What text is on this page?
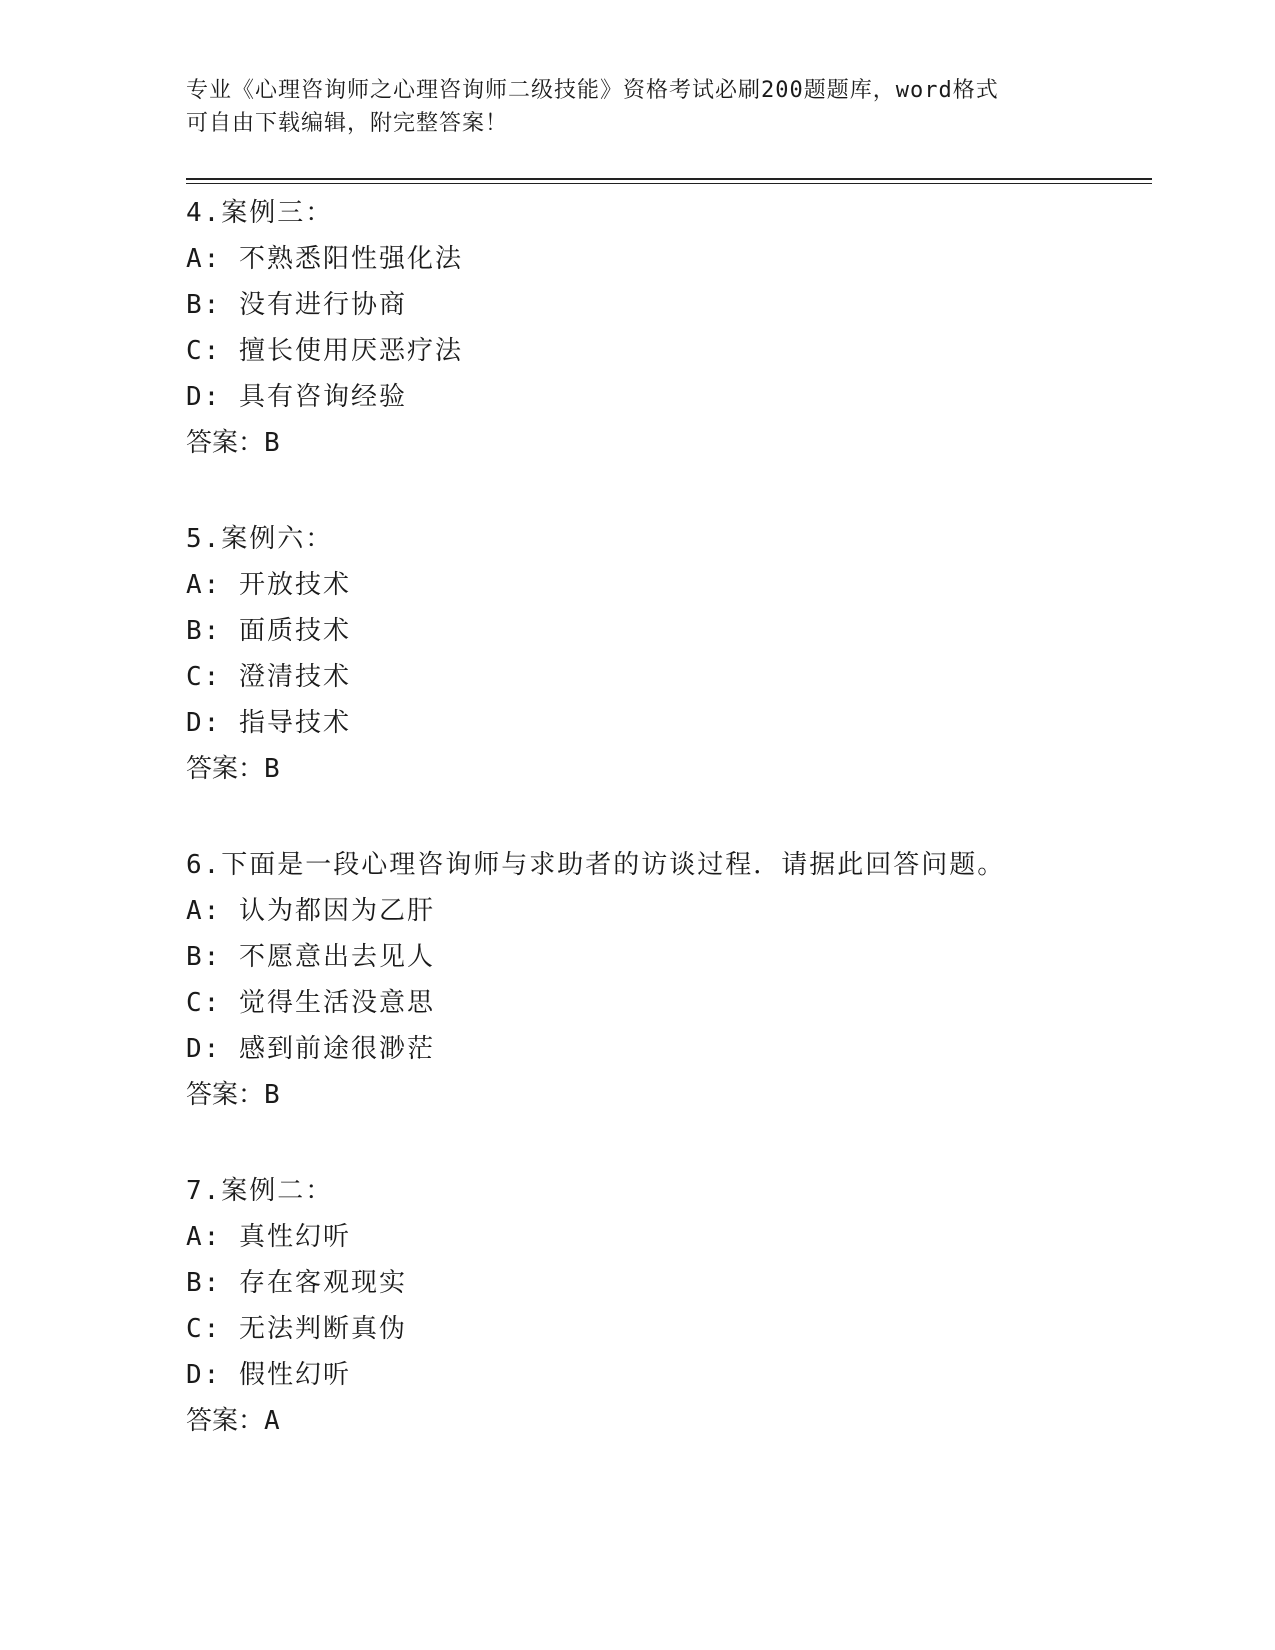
专业《心理咨询师之心理咨询师二级技能》资格考试必刷200题题库，word格式
可自由下载编辑，附完整答案！
4.案例三：
A: 不熟悉阳性强化法
B: 没有进行协商
C: 擅长使用厌恶疗法
D: 具有咨询经验
答案：B
5.案例六：
A: 开放技术
B: 面质技术
C: 澄清技术
D: 指导技术
答案：B
6.下面是一段心理咨询师与求助者的访谈过程．请据此回答问题。
A: 认为都因为乙肝
B: 不愿意出去见人
C: 觉得生活没意思
D: 感到前途很渺茫
答案：B
7.案例二：
A: 真性幻听
B: 存在客观现实
C: 无法判断真伪
D: 假性幻听
答案：A
